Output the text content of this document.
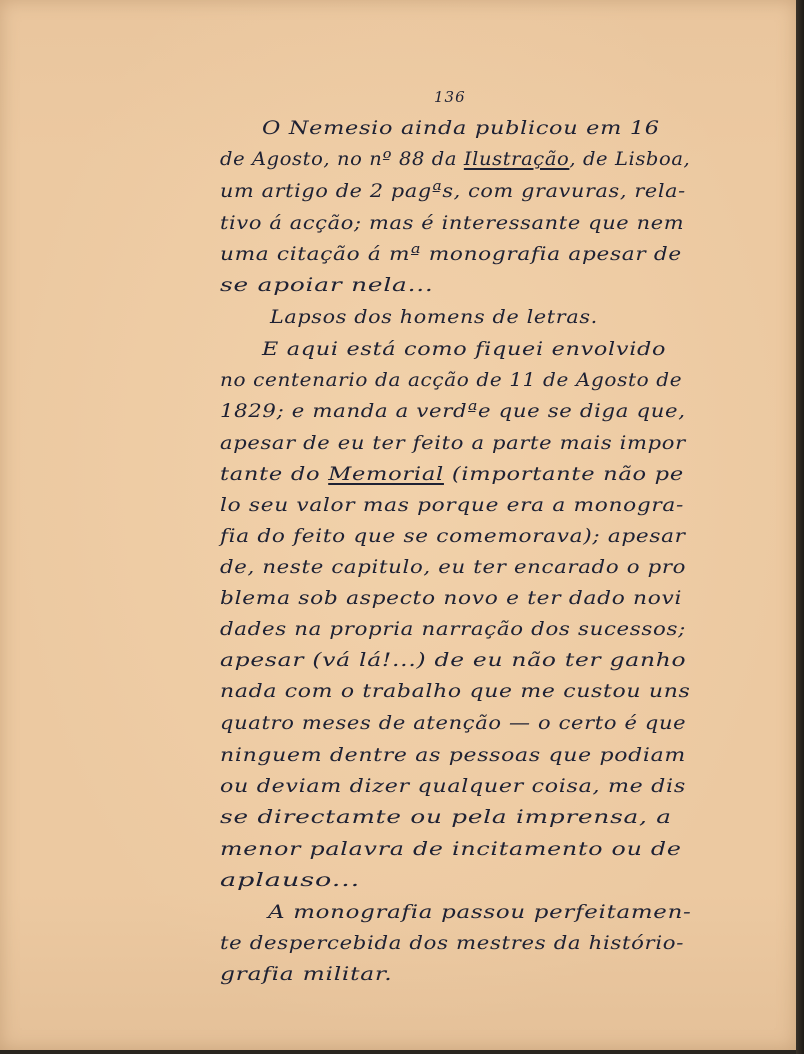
136
O Nemesio ainda publicou em 16
de Agosto, no nº 88 da Ilustração, de Lisboa,
um artigo de 2 pagªs, com gravuras, rela-
tivo á acção; mas é interessante que nem
uma citação á mª monografia apesar de
se apoiar nela...
Lapsos dos homens de letras.
E aqui está como fiquei envolvido
no centenario da acção de 11 de Agosto de
1829; e manda a verdªe que se diga que,
apesar de eu ter feito a parte mais impor
tante do Memorial (importante não pe
lo seu valor mas porque era a monogra-
fia do feito que se comemorava); apesar
de, neste capitulo, eu ter encarado o pro
blema sob aspecto novo e ter dado novi
dades na propria narração dos sucessos;
apesar (vá lá!...) de eu não ter ganho
nada com o trabalho que me custou uns
quatro meses de atenção — o certo é que
ninguem dentre as pessoas que podiam
ou deviam dizer qualquer coisa, me dis
se directamte ou pela imprensa, a
menor palavra de incitamento ou de
aplauso...
A monografia passou perfeitamen-
te despercebida dos mestres da histório-
grafia militar.
